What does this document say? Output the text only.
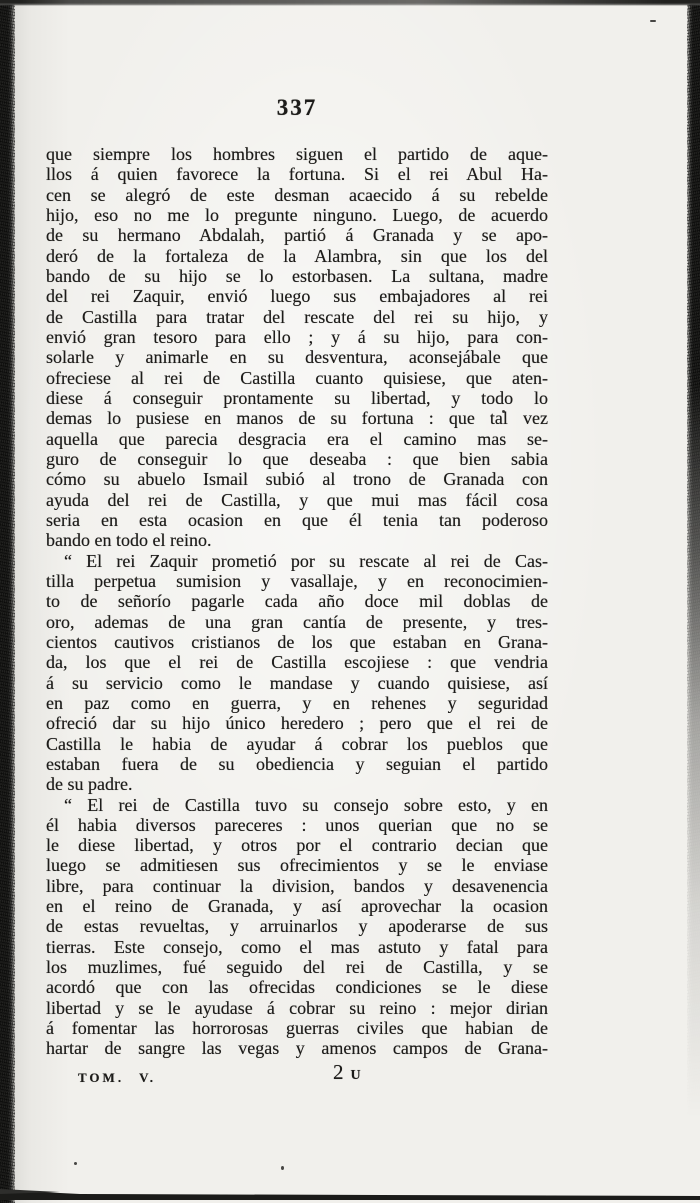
337
que siempre los hombres siguen el partido de aque-
llos á quien favorece la fortuna. Si el rei Abul Ha-
cen se alegró de este desman acaecido á su rebelde
hijo, eso no me lo pregunte ninguno. Luego, de acuerdo
de su hermano Abdalah, partió á Granada y se apo-
deró de la fortaleza de la Alambra, sin que los del
bando de su hijo se lo estorbasen. La sultana, madre
del rei Zaquir, envió luego sus embajadores al rei
de Castilla para tratar del rescate del rei su hijo, y
envió gran tesoro para ello ; y á su hijo, para con-
solarle y animarle en su desventura, aconsejábale que
ofreciese al rei de Castilla cuanto quisiese, que aten-
diese á conseguir prontamente su libertad, y todo lo
demas lo pusiese en manos de su fortuna : que tal vez
aquella que parecia desgracia era el camino mas se-
guro de conseguir lo que deseaba : que bien sabia
cómo su abuelo Ismail subió al trono de Granada con
ayuda del rei de Castilla, y que mui mas fácil cosa
seria en esta ocasion en que él tenia tan poderoso
bando en todo el reino.
“ El rei Zaquir prometió por su rescate al rei de Cas-
tilla perpetua sumision y vasallaje, y en reconocimien-
to de señorío pagarle cada año doce mil doblas de
oro, ademas de una gran cantía de presente, y tres-
cientos cautivos cristianos de los que estaban en Grana-
da, los que el rei de Castilla escojiese : que vendria
á su servicio como le mandase y cuando quisiese, así
en paz como en guerra, y en rehenes y seguridad
ofreció dar su hijo único heredero ; pero que el rei de
Castilla le habia de ayudar á cobrar los pueblos que
estaban fuera de su obediencia y seguian el partido
de su padre.
“ El rei de Castilla tuvo su consejo sobre esto, y en
él habia diversos pareceres : unos querian que no se
le diese libertad, y otros por el contrario decian que
luego se admitiesen sus ofrecimientos y se le enviase
libre, para continuar la division, bandos y desavenencia
en el reino de Granada, y así aprovechar la ocasion
de estas revueltas, y arruinarlos y apoderarse de sus
tierras. Este consejo, como el mas astuto y fatal para
los muzlimes, fué seguido del rei de Castilla, y se
acordó que con las ofrecidas condiciones se le diese
libertad y se le ayudase á cobrar su reino : mejor dirian
á fomentar las horrorosas guerras civiles que habian de
hartar de sangre las vegas y amenos campos de Grana-
TOM. V.	2 U
